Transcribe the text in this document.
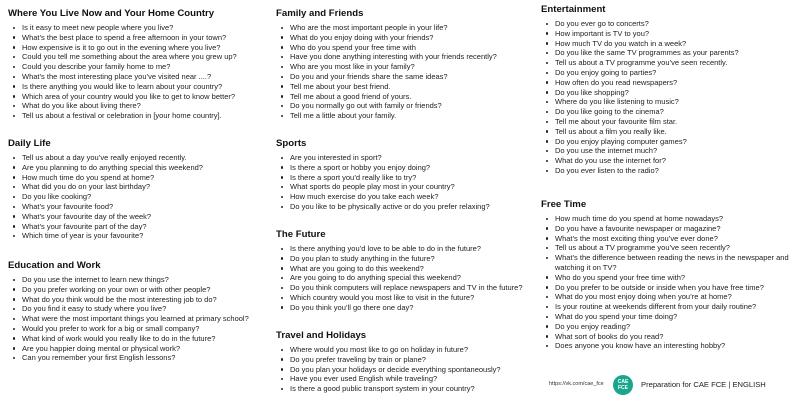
Where You Live Now and Your Home Country
Is it easy to meet new people where you live?
What’s the best place to spend a free afternoon in your town?
How expensive is it to go out in the evening where you live?
Could you tell me something about the area where you grew up?
Could you describe your family home to me?
What’s the most interesting place you’ve visited near ....?
Is there anything you would like to learn about your country?
Which area of your country would you like to get to know better?
What do you like about living there?
Tell us about a festival or celebration in [your home country].
Daily Life
Tell us about a day you’ve really enjoyed recently.
Are you planning to do anything special this weekend?
How much time do you spend at home?
What did you do on your last birthday?
Do you like cooking?
What’s your favourite food?
What’s your favourite day of the week?
What’s your favourite part of the day?
Which time of year is your favourite?
Education and Work
Do you use the internet to learn new things?
Do you prefer working on your own or with other people?
What do you think would be the most interesting job to do?
Do you find it easy to study where you live?
What were the most important things you learned at primary school?
Would you prefer to work for a big or small company?
What kind of work would you really like to do in the future?
Are you happier doing mental or physical work?
Can you remember your first English lessons?
Family and Friends
Who are the most important people in your life?
What do you enjoy doing with your friends?
Who do you spend your free time with
Have you done anything interesting with your friends recently?
Who are you most like in your family?
Do you and your friends share the same ideas?
Tell me about your best friend.
Tell me about a good friend of yours.
Do you normally go out with family or friends?
Tell me a little about your family.
Sports
Are you interested in sport?
Is there a sport or hobby you enjoy doing?
Is there a sport you’d really like to try?
What sports do people play most in your country?
How much exercise do you take each week?
Do you like to be physically active or do you prefer relaxing?
The Future
Is there anything you’d love to be able to do in the future?
Do you plan to study anything in the future?
What are you going to do this weekend?
Are you going to do anything special this weekend?
Do you think computers will replace newspapers and TV in the future?
Which country would you most like to visit in the future?
Do you think you’ll go there one day?
Travel and Holidays
Where would you most like to go on holiday in future?
Do you prefer traveling by train or plane?
Do you plan your holidays or decide everything spontaneously?
Have you ever used English while traveling?
Is there a good public transport system in your country?
Entertainment
Do you ever go to concerts?
How important is TV to you?
How much TV do you watch in a week?
Do you like the same TV programmes as your parents?
Tell us about a TV programme you’ve seen recently.
Do you enjoy going to parties?
How often do you read newspapers?
Do you like shopping?
Where do you like listening to music?
Do you like going to the cinema?
Tell me about your favourite film star.
Tell us about a film you really like.
Do you enjoy playing computer games?
Do you use the internet much?
What do you use the internet for?
Do you ever listen to the radio?
Free Time
How much time do you spend at home nowadays?
Do you have a favourite newspaper or magazine?
What’s the most exciting thing you’ve ever done?
Tell us about a TV programme you’ve seen recently?
What’s the difference between reading the news in the newspaper and watching it on TV?
Who do you spend your free time with?
Do you prefer to be outside or inside when you have free time?
What do you most enjoy doing when you’re at home?
Is your routine at weekends different from your daily routine?
What do you spend your time doing?
Do you enjoy reading?
What sort of books do you read?
Does anyone you know have an interesting hobby?
https://vk.com/cae_fce	CAE FCE	Preparation for CAE FCE | ENGLISH
